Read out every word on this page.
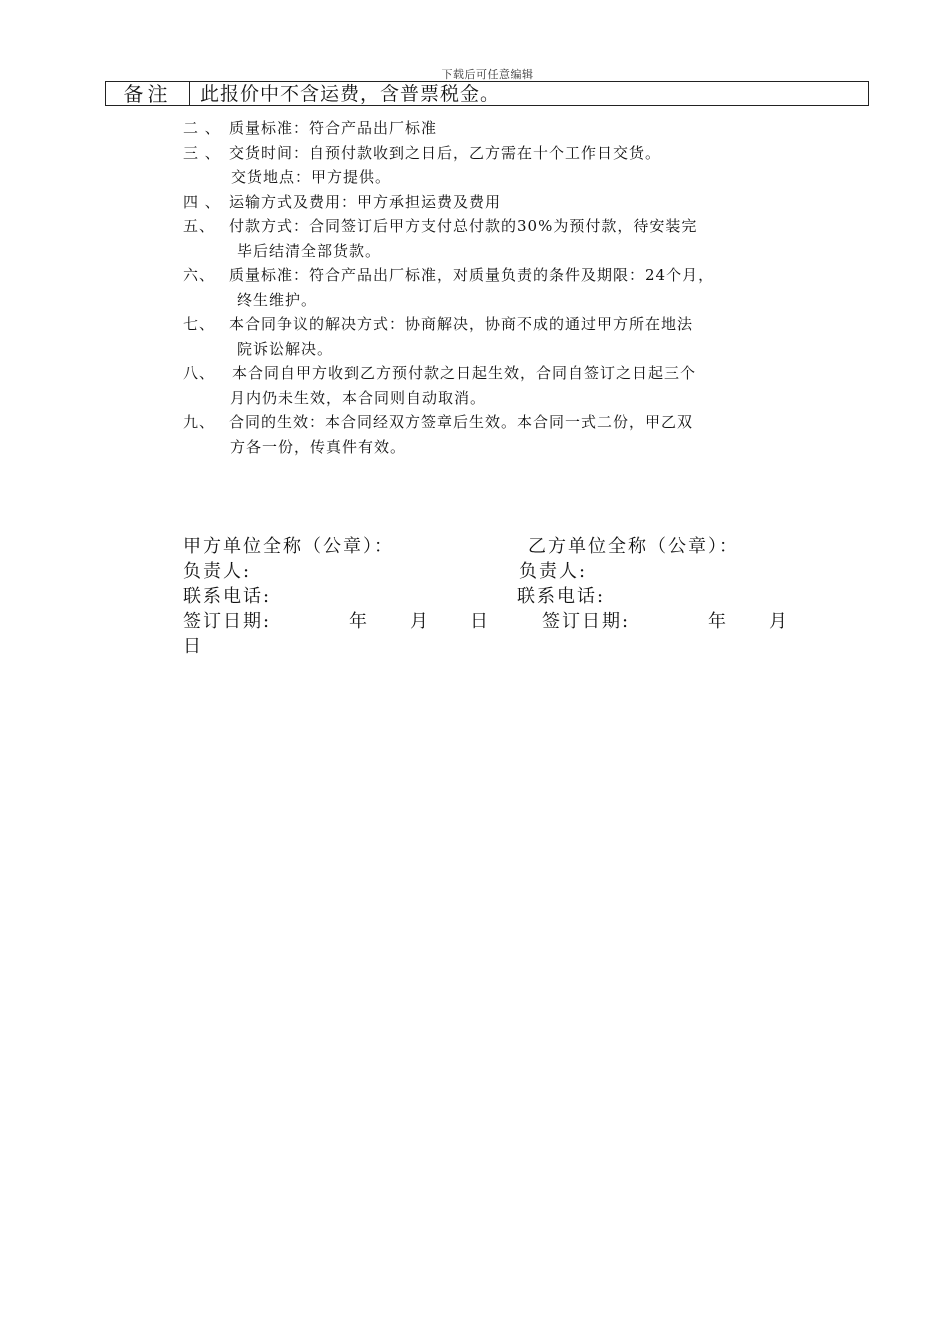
下载后可任意编辑
备注	此报价中不含运费，含普票税金。
二 、 质量标准：符合产品出厂标准
三 、 交货时间：自预付款收到之日后，乙方需在十个工作日交货。
交货地点：甲方提供。
四 、 运输方式及费用：甲方承担运费及费用
五、 付款方式：合同签订后甲方支付总付款的30%为预付款，待安装完
毕后结清全部货款。
六、 质量标准：符合产品出厂标准，对质量负责的条件及期限：24个月，
终生维护。
七、 本合同争议的解决方式：协商解决，协商不成的通过甲方所在地法
院诉讼解决。
八、 本合同自甲方收到乙方预付款之日起生效，合同自签订之日起三个
月内仍未生效，本合同则自动取消。
九、 合同的生效：本合同经双方签章后生效。本合同一式二份，甲乙双
方各一份，传真件有效。
甲方单位全称（公章）：	乙方单位全称（公章）：
负责人:	负责人:
联系电话:	联系电话:
签订日期:	年 月 日	签订日期:	年 月
日
